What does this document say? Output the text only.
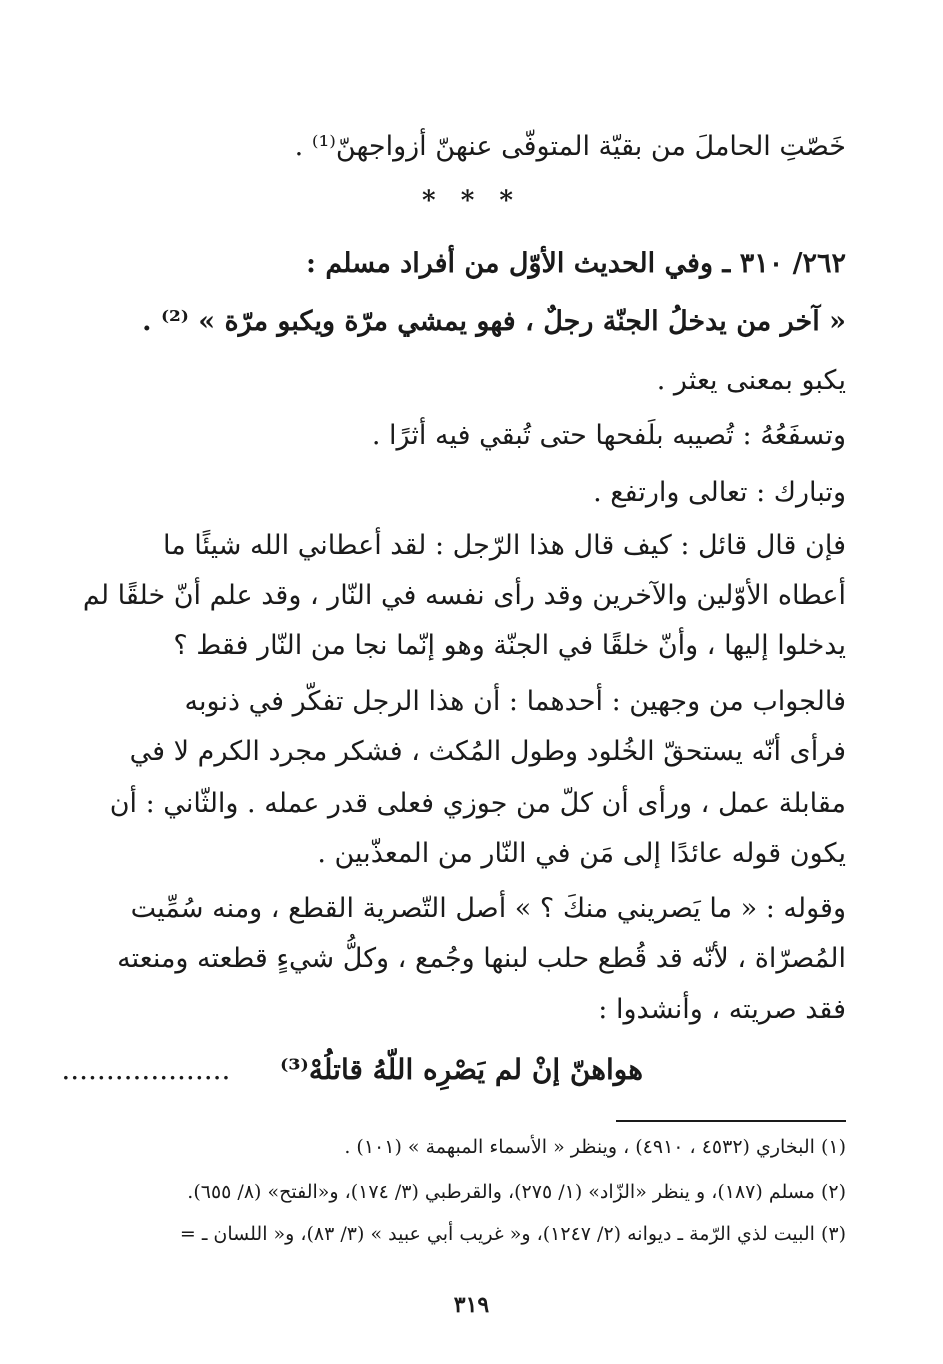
خَصّتِ الحاملَ من بقيّة المتوفّى عنهنّ أزواجهنّ⁽¹⁾ .
* * *
٢٦٢/ ٣١٠ ـ وفي الحديث الأوّل من أفراد مسلم :
« آخر من يدخلُ الجنّة رجلٌ ، فهو يمشي مرّة ويكبو مرّة » ⁽²⁾ .
يكبو بمعنى يعثر .
وتسفَعُهُ : تُصيبه بلَفحها حتى تُبقي فيه أثرًا .
وتبارك : تعالى وارتفع .
فإن قال قائل : كيف قال هذا الرّجل : لقد أعطاني الله شيئًا ما
أعطاه الأوّلين والآخرين وقد رأى نفسه في النّار ، وقد علم أنّ خلقًا لم
يدخلوا إليها ، وأنّ خلقًا في الجنّة وهو إنّما نجا من النّار فقط ؟
فالجواب من وجهين : أحدهما : أن هذا الرجل تفكّر في ذنوبه
فرأى أنّه يستحقّ الخُلود وطول المُكث ، فشكر مجرد الكرم لا في
مقابلة عمل ، ورأى أن كلّ من جوزي فعلى قدر عمله . والثّاني : أن
يكون قوله عائدًا إلى مَن في النّار من المعذّبين .
وقوله : « ما يَصريني منكَ ؟ » أصل التّصرية القطع ، ومنه سُمِّيت
المُصرّاة ، لأنّه قد قُطع حلب لبنها وجُمع ، وكلُّ شيءٍ قطعته ومنعته
فقد صريته ، وأنشدوا :
هواهنّ إنْ لم يَصْرِه اللّهُ قاتلُهْ⁽³⁾  ...................
(١) البخاري (٤٥٣٢ ، ٤٩١٠) ، وينظر « الأسماء المبهمة » (١٠١) .
(٢) مسلم (١٨٧)، و ينظر «الزّاد» (١/ ٢٧٥)، والقرطبي (٣/ ١٧٤)، و«الفتح» (٨/ ٦٥٥).
(٣) البيت لذي الرّمة ـ ديوانه (٢/ ١٢٤٧)، و« غريب أبي عبيد » (٣/ ٨٣)، و« اللسان ـ =
٣١٩
